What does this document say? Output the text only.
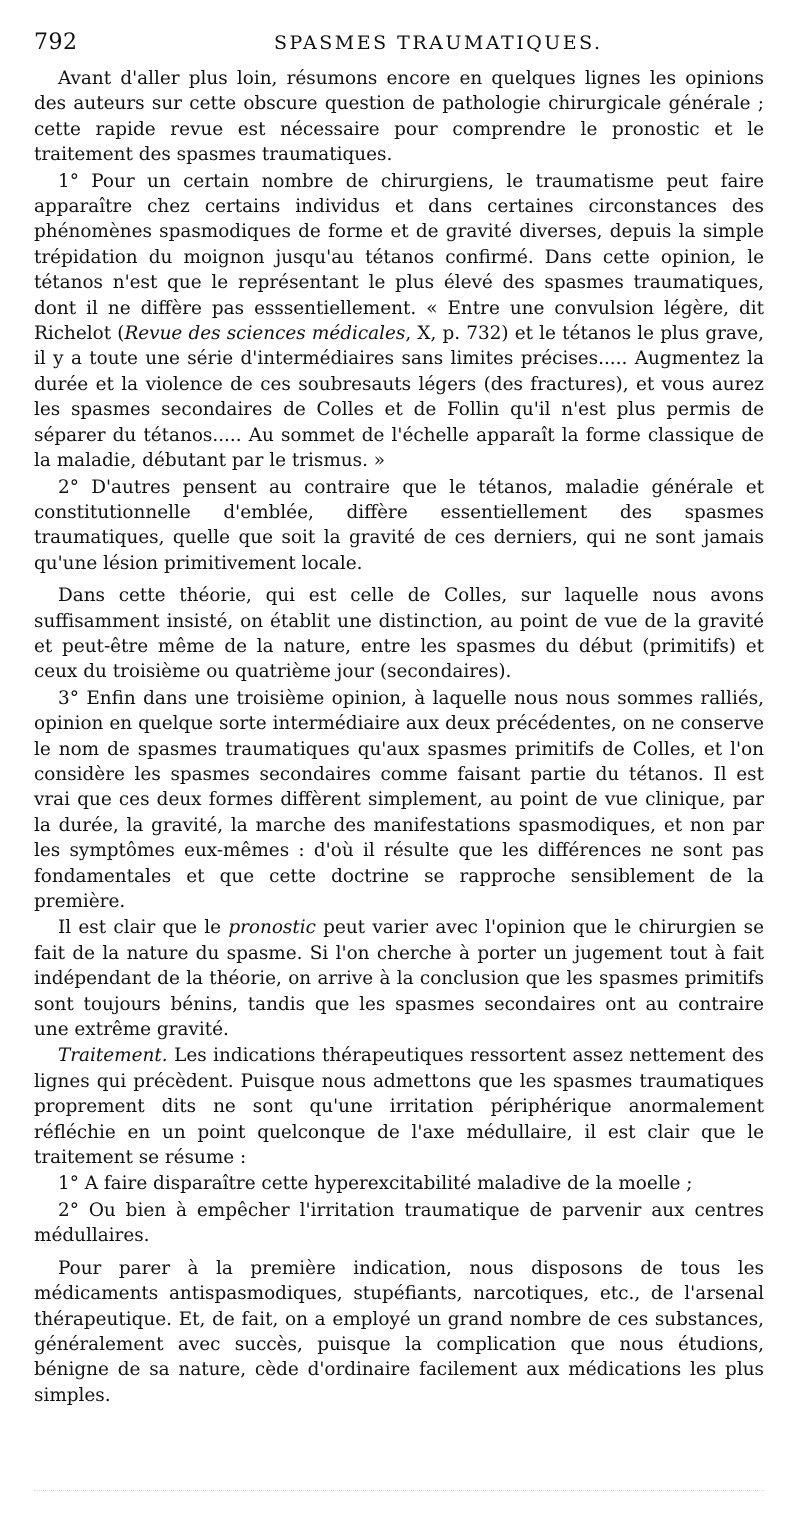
792	SPASMES TRAUMATIQUES.

Avant d'aller plus loin, résumons encore en quelques lignes les opinions des auteurs sur cette obscure question de pathologie chirurgicale générale ; cette rapide revue est nécessaire pour comprendre le pronostic et le traitement des spasmes traumatiques.

1° Pour un certain nombre de chirurgiens, le traumatisme peut faire apparaître chez certains individus et dans certaines circonstances des phénomènes spasmodiques de forme et de gravité diverses, depuis la simple trépidation du moignon jusqu'au tétanos confirmé. Dans cette opinion, le tétanos n'est que le représentant le plus élevé des spasmes traumatiques, dont il ne diffère pas esssentiellement. « Entre une convulsion légère, dit Richelot (Revue des sciences médicales, X, p. 732) et le tétanos le plus grave, il y a toute une série d'intermédiaires sans limites précises..... Augmentez la durée et la violence de ces soubresauts légers (des fractures), et vous aurez les spasmes secondaires de Colles et de Follin qu'il n'est plus permis de séparer du tétanos..... Au sommet de l'échelle apparaît la forme classique de la maladie, débutant par le trismus. »

2° D'autres pensent au contraire que le tétanos, maladie générale et constitutionnelle d'emblée, diffère essentiellement des spasmes traumatiques, quelle que soit la gravité de ces derniers, qui ne sont jamais qu'une lésion primitivement locale.

Dans cette théorie, qui est celle de Colles, sur laquelle nous avons suffisamment insisté, on établit une distinction, au point de vue de la gravité et peut-être même de la nature, entre les spasmes du début (primitifs) et ceux du troisième ou quatrième jour (secondaires).

3° Enfin dans une troisième opinion, à laquelle nous nous sommes ralliés, opinion en quelque sorte intermédiaire aux deux précédentes, on ne conserve le nom de spasmes traumatiques qu'aux spasmes primitifs de Colles, et l'on considère les spasmes secondaires comme faisant partie du tétanos. Il est vrai que ces deux formes diffèrent simplement, au point de vue clinique, par la durée, la gravité, la marche des manifestations spasmodiques, et non par les symptômes eux-mêmes : d'où il résulte que les différences ne sont pas fondamentales et que cette doctrine se rapproche sensiblement de la première.

Il est clair que le pronostic peut varier avec l'opinion que le chirurgien se fait de la nature du spasme. Si l'on cherche à porter un jugement tout à fait indépendant de la théorie, on arrive à la conclusion que les spasmes primitifs sont toujours bénins, tandis que les spasmes secondaires ont au contraire une extrême gravité.

Traitement. Les indications thérapeutiques ressortent assez nettement des lignes qui précèdent. Puisque nous admettons que les spasmes traumatiques proprement dits ne sont qu'une irritation périphérique anormalement réfléchie en un point quelconque de l'axe médullaire, il est clair que le traitement se résume :

1° A faire disparaître cette hyperexcitabilité maladive de la moelle ;

2° Ou bien à empêcher l'irritation traumatique de parvenir aux centres médullaires.

Pour parer à la première indication, nous disposons de tous les médicaments antispasmodiques, stupéfiants, narcotiques, etc., de l'arsenal thérapeutique. Et, de fait, on a employé un grand nombre de ces substances, généralement avec succès, puisque la complication que nous étudions, bénigne de sa nature, cède d'ordinaire facilement aux médications les plus simples.
